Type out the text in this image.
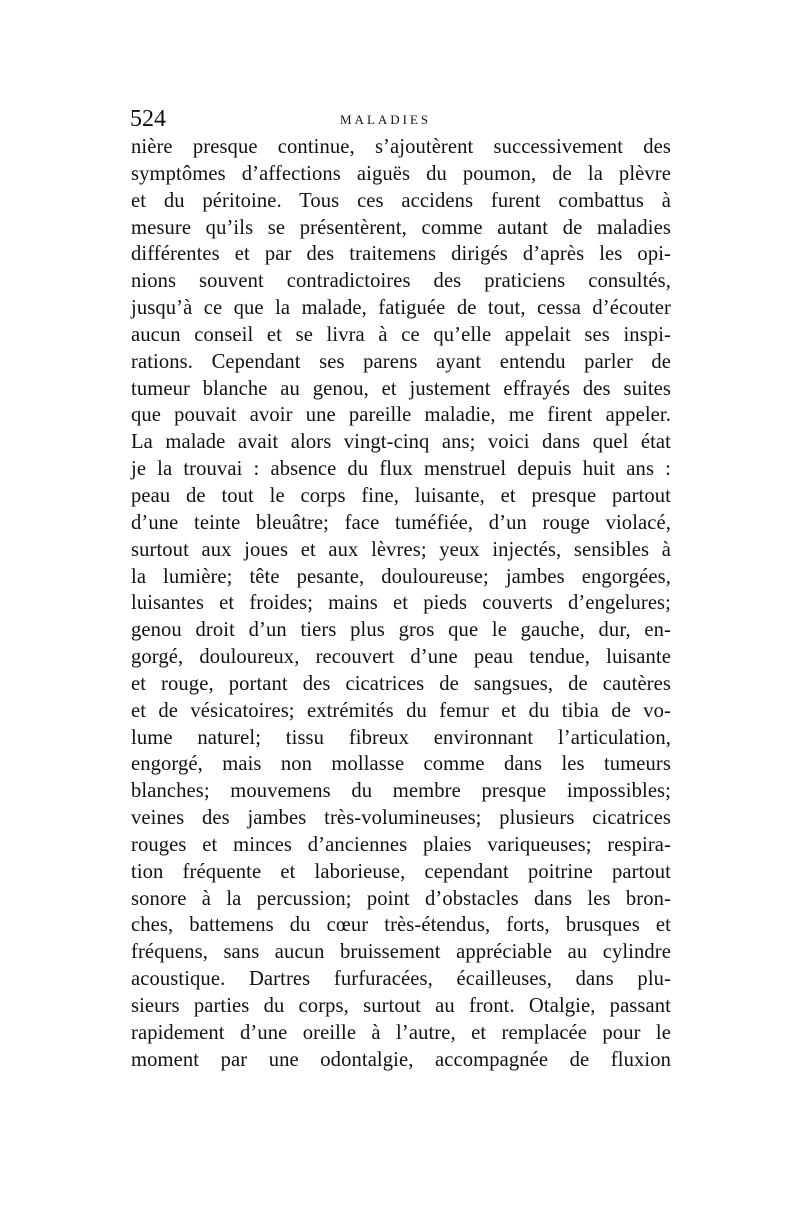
524	MALADIES
nière presque continue, s’ajoutèrent successivement des
symptômes d’affections aiguës du poumon, de la plèvre
et du péritoine. Tous ces accidens furent combattus à
mesure qu’ils se présentèrent, comme autant de maladies
différentes et par des traitemens dirigés d’après les opi-
nions souvent contradictoires des praticiens consultés,
jusqu’à ce que la malade, fatiguée de tout, cessa d’écouter
aucun conseil et se livra à ce qu’elle appelait ses inspi-
rations. Cependant ses parens ayant entendu parler de
tumeur blanche au genou, et justement effrayés des suites
que pouvait avoir une pareille maladie, me firent appeler.
La malade avait alors vingt-cinq ans; voici dans quel état
je la trouvai : absence du flux menstruel depuis huit ans :
peau de tout le corps fine, luisante, et presque partout
d’une teinte bleuâtre; face tuméfiée, d’un rouge violacé,
surtout aux joues et aux lèvres; yeux injectés, sensibles à
la lumière; tête pesante, douloureuse; jambes engorgées,
luisantes et froides; mains et pieds couverts d’engelures;
genou droit d’un tiers plus gros que le gauche, dur, en-
gorgé, douloureux, recouvert d’une peau tendue, luisante
et rouge, portant des cicatrices de sangsues, de cautères
et de vésicatoires; extrémités du femur et du tibia de vo-
lume naturel; tissu fibreux environnant l’articulation,
engorgé, mais non mollasse comme dans les tumeurs
blanches; mouvemens du membre presque impossibles;
veines des jambes très-volumineuses; plusieurs cicatrices
rouges et minces d’anciennes plaies variqueuses; respira-
tion fréquente et laborieuse, cependant poitrine partout
sonore à la percussion; point d’obstacles dans les bron-
ches, battemens du cœur très-étendus, forts, brusques et
fréquens, sans aucun bruissement appréciable au cylindre
acoustique. Dartres furfuracées, écailleuses, dans plu-
sieurs parties du corps, surtout au front. Otalgie, passant
rapidement d’une oreille à l’autre, et remplacée pour le
moment par une odontalgie, accompagnée de fluxion
